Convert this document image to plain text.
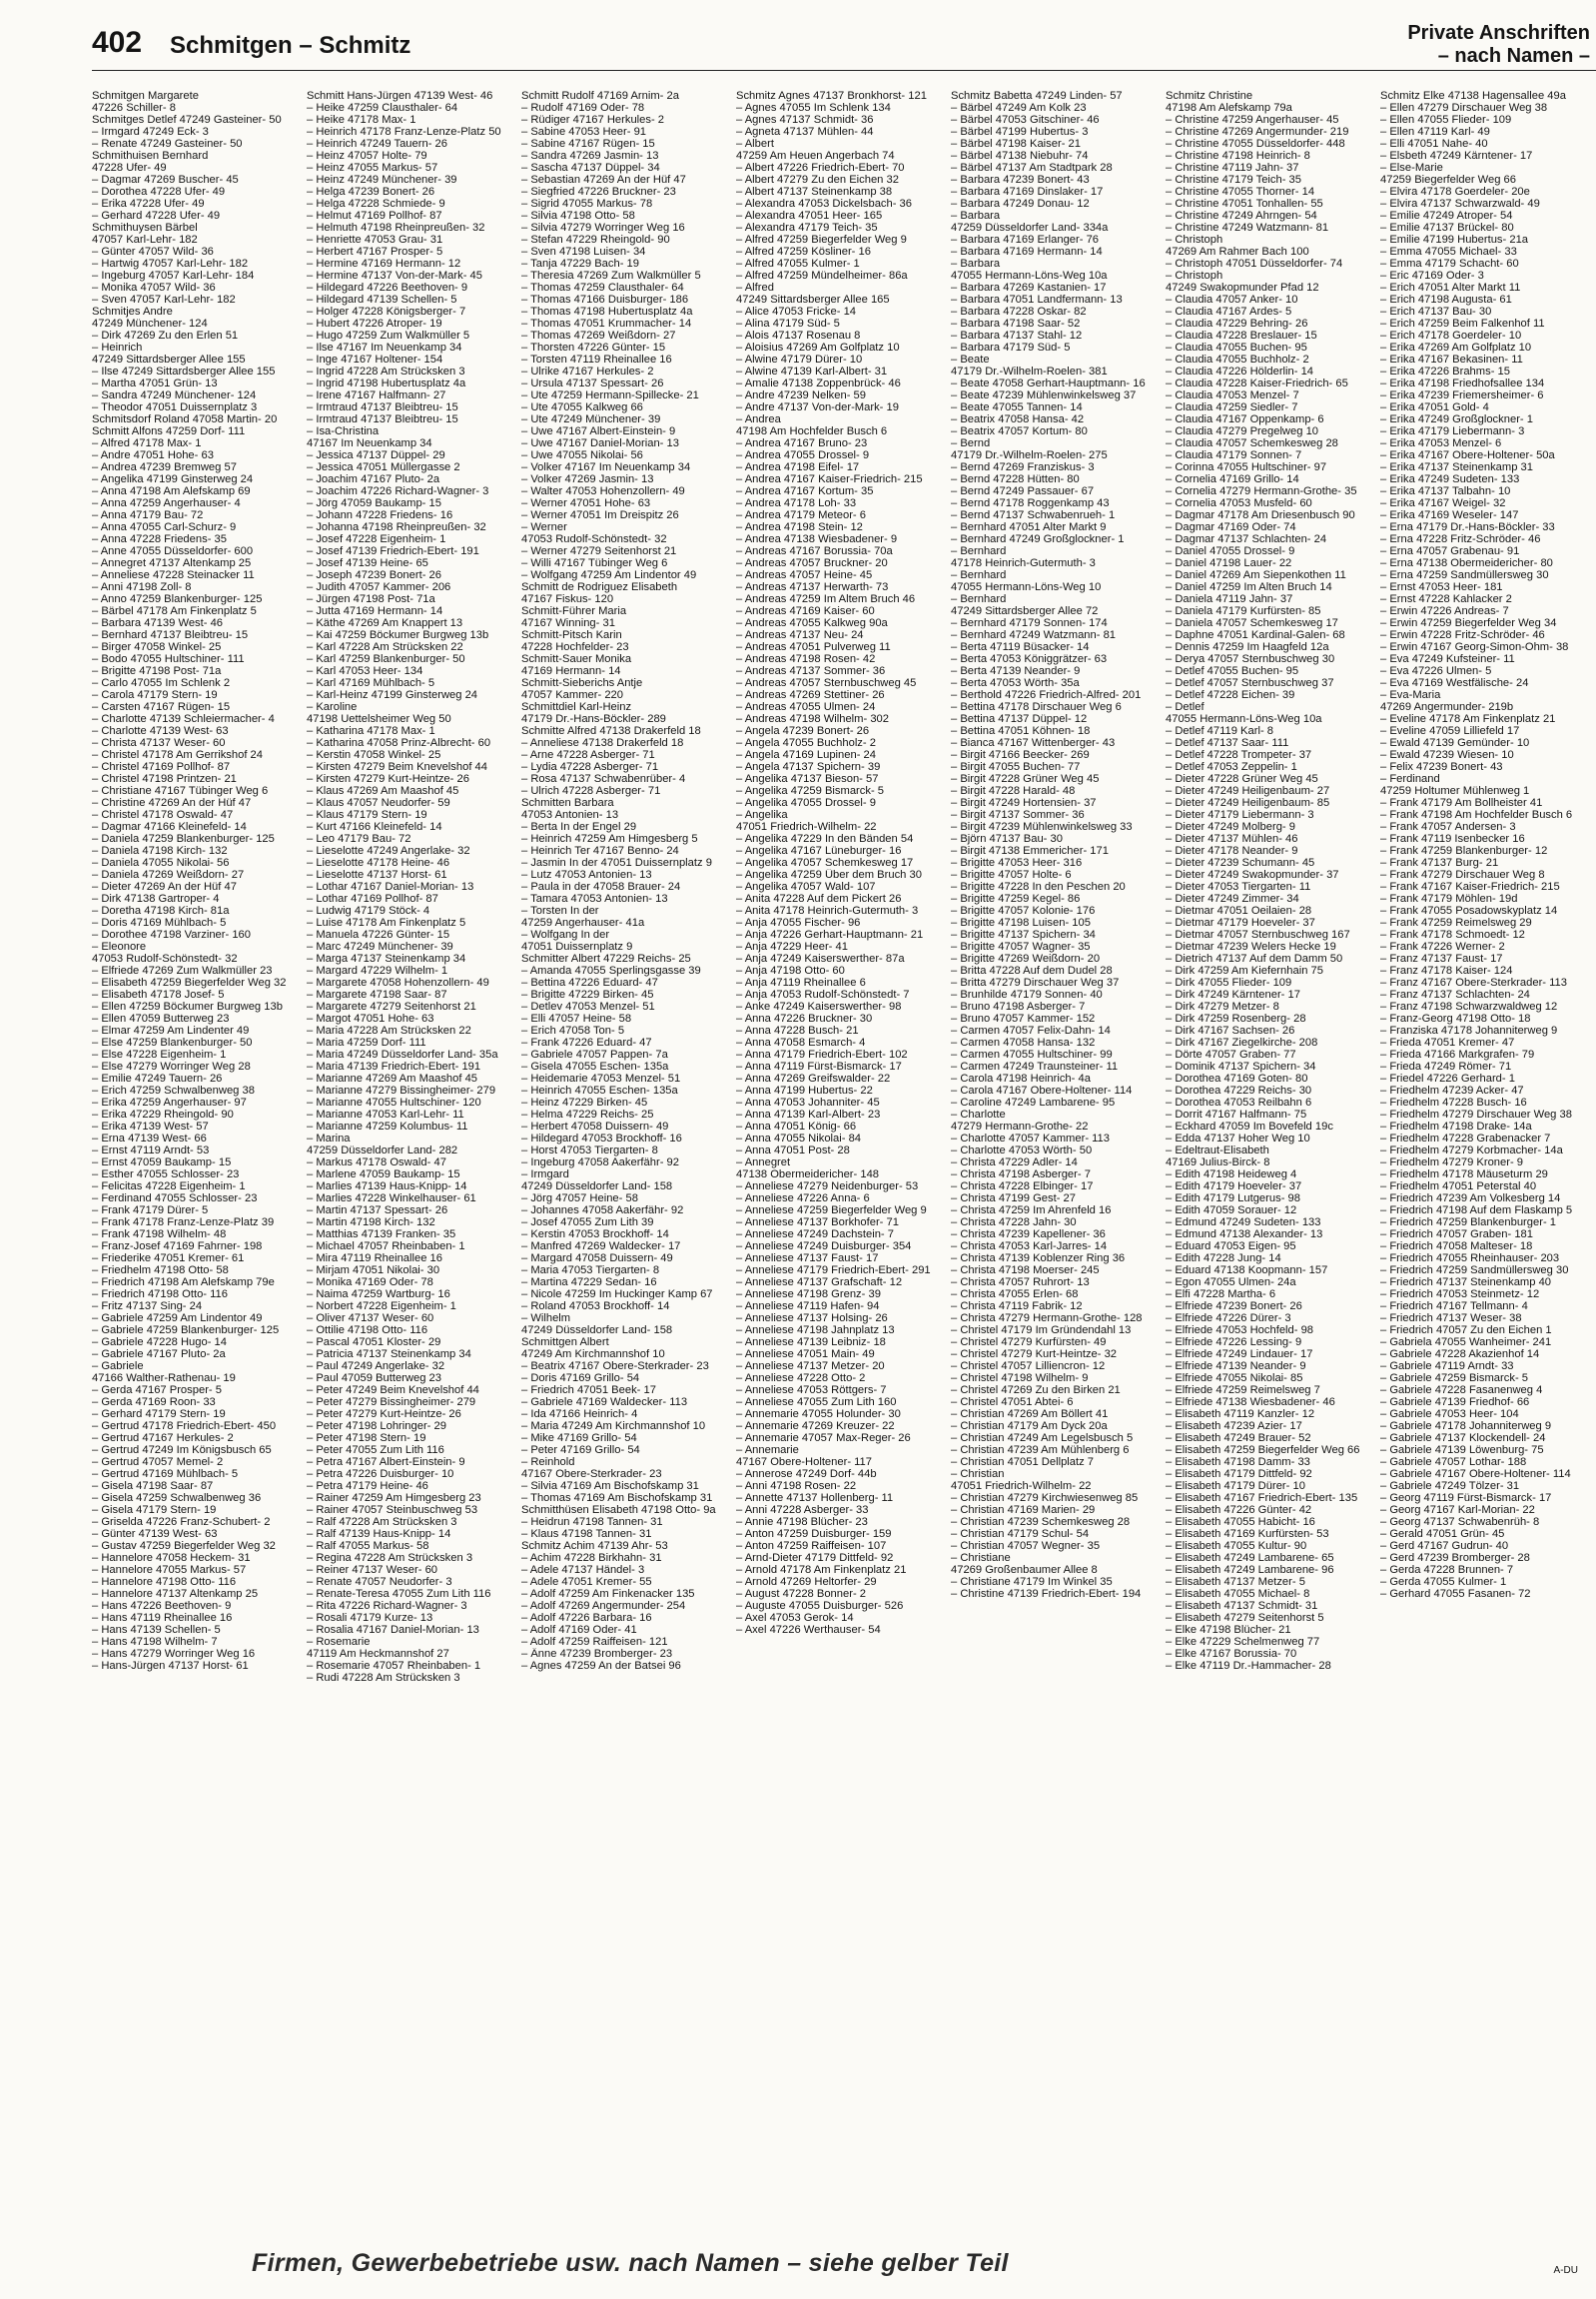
402 Schmitgen – Schmitz	Private Anschriften
– nach Namen –
Schmitgen Margarete
47226 Schiller- 8
Schmitges Detlef 47249 Gasteiner- 50
– Irmgard 47249 Eck- 3
– Renate 47249 Gasteiner- 50
Schmithuisen Bernhard
47228 Ufer- 49
– Dagmar 47269 Buscher- 45
– Dorothea 47228 Ufer- 49
– Erika 47228 Ufer- 49
– Gerhard 47228 Ufer- 49
Schmithuysen Bärbel
47057 Karl-Lehr- 182
– Günter 47057 Wild- 36
– Hartwig 47057 Karl-Lehr- 182
– Ingeburg 47057 Karl-Lehr- 184
– Monika 47057 Wild- 36
– Sven 47057 Karl-Lehr- 182
Schmitjes Andre
47249 Münchener- 124
– Dirk 47269 Zu den Erlen 51
– Heinrich
47249 Sittardsberger Allee 155
– Ilse 47249 Sittardsberger Allee 155
– Martha 47051 Grün- 13
– Sandra 47249 Münchener- 124
– Theodor 47051 Duissernplatz 3
Schmitsdorf Roland 47058 Martin- 20
Schmitt Alfons 47259 Dorf- 111
– Alfred 47178 Max- 1
– Andre 47051 Hohe- 63
– Andrea 47239 Bremweg 57
– Angelika 47199 Ginsterweg 24
– Anna 47198 Am Alefskamp 69
– Anna 47259 Angerhauser- 4
– Anna 47179 Bau- 72
– Anna 47055 Carl-Schurz- 9
– Anna 47228 Friedens- 35
– Anne 47055 Düsseldorfer- 600
– Annegret 47137 Altenkamp 25
– Anneliese 47228 Steinacker 11
– Anni 47198 Zoll- 8
– Anno 47259 Blankenburger- 125
– Bärbel 47178 Am Finkenplatz 5
– Barbara 47139 West- 46
– Bernhard 47137 Bleibtreu- 15
– Birger 47058 Winkel- 25
– Bodo 47055 Hultschiner- 111
– Brigitte 47198 Post- 71a
– Carlo 47055 Im Schlenk 2
– Carola 47179 Stern- 19
– Carsten 47167 Rügen- 15
– Charlotte 47139 Schleiermacher- 4
– Charlotte 47139 West- 63
– Christa 47137 Weser- 60
– Christel 47178 Am Gerrikshof 24
– Christel 47169 Pollhof- 87
– Christel 47198 Printzen- 21
– Christiane 47167 Tübinger Weg 6
– Christine 47269 An der Hüf 47
– Christel 47178 Oswald- 47
– Dagmar 47166 Kleinefeld- 14
– Daniela 47259 Blankenburger- 125
– Daniela 47198 Kirch- 132
– Daniela 47055 Nikolai- 56
– Daniela 47269 Weißdorn- 27
– Dieter 47269 An der Hüf 47
– Dirk 47138 Gartroper- 4
– Doretha 47198 Kirch- 81a
– Doris 47169 Mühlbach- 5
– Dorothee 47198 Varziner- 160
– Eleonore
47053 Rudolf-Schönstedt- 32
– Elfriede 47269 Zum Walkmüller 23
– Elisabeth 47259 Biegerfelder Weg 32
– Elisabeth 47178 Josef- 5
– Ellen 47259 Böckumer Burgweg 13b
– Ellen 47059 Butterweg 23
– Elmar 47259 Am Lindenter 49
– Else 47259 Blankenburger- 50
– Else 47228 Eigenheim- 1
– Else 47279 Worringer Weg 28
– Emilie 47249 Tauern- 26
– Erich 47259 Schwalbenweg 38
– Erika 47259 Angerhauser- 97
– Erika 47229 Rheingold- 90
– Erika 47139 West- 57
– Erna 47139 West- 66
– Ernst 47119 Arndt- 53
– Ernst 47059 Baukamp- 15
– Esther 47055 Schlosser- 23
– Felicitas 47228 Eigenheim- 1
– Ferdinand 47055 Schlosser- 23
– Frank 47179 Dürer- 5
– Frank 47178 Franz-Lenze-Platz 39
– Frank 47198 Wilhelm- 48
– Franz-Josef 47169 Fahrner- 198
– Friederike 47051 Kremer- 61
– Friedhelm 47198 Otto- 58
– Friedrich 47198 Am Alefskamp 79e
– Friedrich 47198 Otto- 116
– Fritz 47137 Sing- 24
– Gabriele 47259 Am Lindentor 49
– Gabriele 47259 Blankenburger- 125
– Gabriele 47228 Hugo- 14
– Gabriele 47167 Pluto- 2a
– Gabriele
47166 Walther-Rathenau- 19
– Gerda 47167 Prosper- 5
– Gerda 47169 Roon- 33
– Gerhard 47179 Stern- 19
– Gertrud 47178 Friedrich-Ebert- 450
– Gertrud 47167 Herkules- 2
– Gertrud 47249 Im Königsbusch 65
– Gertrud 47057 Memel- 2
– Gertrud 47169 Mühlbach- 5
– Gisela 47198 Saar- 87
– Gisela 47259 Schwalbenweg 36
– Gisela 47179 Stern- 19
– Griselda 47226 Franz-Schubert- 2
– Günter 47139 West- 63
– Gustav 47259 Biegerfelder Weg 32
– Hannelore 47058 Heckem- 31
– Hannelore 47055 Markus- 57
– Hannelore 47198 Otto- 116
– Hannelore 47137 Altenkamp 25
– Hans 47226 Beethoven- 9
– Hans 47119 Rheinallee 16
– Hans 47139 Schellen- 5
– Hans 47198 Wilhelm- 7
– Hans 47279 Worringer Weg 16
– Hans-Jürgen 47137 Horst- 61
Schmitt Hans-Jürgen 47139 West- 46
– Heike 47259 Clausthaler- 64
– Heike 47178 Max- 1
– Heinrich 47178 Franz-Lenze-Platz 50
– Heinrich 47249 Tauern- 26
– Heinz 47057 Holte- 79
– Heinz 47055 Markus- 57
– Heinz 47249 Münchener- 39
– Helga 47239 Bonert- 26
– Helga 47228 Schmiede- 9
– Helmut 47169 Pollhof- 87
– Helmuth 47198 Rheinpreußen- 32
– Henriette 47053 Grau- 31
– Herbert 47167 Prosper- 5
– Hermine 47169 Hermann- 12
– Hermine 47137 Von-der-Mark- 45
– Hildegard 47226 Beethoven- 9
– Hildegard 47139 Schellen- 5
– Holger 47228 Königsberger- 7
– Hubert 47226 Atroper- 19
– Hugo 47259 Zum Walkmüller 5
– Ilse 47167 Im Neuenkamp 34
– Inge 47167 Holtener- 154
– Ingrid 47228 Am Strücksken 3
– Ingrid 47198 Hubertusplatz 4a
– Irene 47167 Halfmann- 27
– Irmtraud 47137 Bleibtreu- 15
– Irmtraud 47137 Bleibtreu- 15
– Isa-Christina
47167 Im Neuenkamp 34
– Jessica 47137 Düppel- 29
– Jessica 47051 Müllergasse 2
– Joachim 47167 Pluto- 2a
– Joachim 47226 Richard-Wagner- 3
– Jörg 47059 Baukamp- 15
– Johann 47228 Friedens- 16
– Johanna 47198 Rheinpreußen- 32
– Josef 47228 Eigenheim- 1
– Josef 47139 Friedrich-Ebert- 191
– Josef 47139 Heine- 65
– Joseph 47239 Bonert- 26
– Judith 47057 Kammer- 206
– Jürgen 47198 Post- 71a
– Jutta 47169 Hermann- 14
– Käthe 47269 Am Knappert 13
– Kai 47259 Böckumer Burgweg 13b
– Karl 47228 Am Strücksken 22
– Karl 47259 Blankenburger- 50
– Karl 47053 Heer- 134
– Karl 47169 Mühlbach- 5
– Karl-Heinz 47199 Ginsterweg 24
– Karoline
47198 Uettelsheimer Weg 50
– Katharina 47178 Max- 1
– Katharina 47058 Prinz-Albrecht- 60
– Kerstin 47058 Winkel- 25
– Kirsten 47279 Beim Knevelshof 44
– Kirsten 47279 Kurt-Heintze- 26
– Klaus 47269 Am Maashof 45
– Klaus 47057 Neudorfer- 59
– Klaus 47179 Stern- 19
– Kurt 47166 Kleinefeld- 14
– Leo 47179 Bau- 72
– Lieselotte 47249 Angerlake- 32
– Lieselotte 47178 Heine- 46
– Lieselotte 47137 Horst- 61
– Lothar 47167 Daniel-Morian- 13
– Lothar 47169 Pollhof- 87
– Ludwig 47179 Stöck- 4
– Luise 47178 Am Finkenplatz 5
– Manuela 47226 Günter- 15
– Marc 47249 Münchener- 39
– Marga 47137 Steinenkamp 34
– Margard 47229 Wilhelm- 1
– Margarete 47058 Hohenzollern- 49
– Margarete 47198 Saar- 87
– Margarete 47279 Seitenhorst 21
– Margot 47051 Hohe- 63
– Maria 47228 Am Strücksken 22
– Maria 47259 Dorf- 111
– Maria 47249 Düsseldorfer Land- 35a
– Maria 47139 Friedrich-Ebert- 191
– Marianne 47269 Am Maashof 45
– Marianne 47279 Bissingheimer- 279
– Marianne 47055 Hultschiner- 120
– Marianne 47053 Karl-Lehr- 11
– Marianne 47259 Kolumbus- 11
– Marina
47259 Düsseldorfer Land- 282
– Markus 47178 Oswald- 47
– Marlene 47059 Baukamp- 15
– Marlies 47139 Haus-Knipp- 14
– Marlies 47228 Winkelhauser- 61
– Martin 47137 Spessart- 26
– Martin 47198 Kirch- 132
– Matthias 47139 Franken- 35
– Michael 47057 Rheinbaben- 1
– Mira 47119 Rheinallee 16
– Mirjam 47051 Nikolai- 30
– Monika 47169 Oder- 78
– Naima 47259 Wartburg- 16
– Norbert 47228 Eigenheim- 1
– Oliver 47137 Weser- 60
– Ottilie 47198 Otto- 116
– Pascal 47051 Kloster- 29
– Patricia 47137 Steinenkamp 34
– Paul 47249 Angerlake- 32
– Paul 47059 Butterweg 23
– Peter 47249 Beim Knevelshof 44
– Peter 47279 Bissingheimer- 279
– Peter 47279 Kurt-Heintze- 26
– Peter 47198 Lohringer- 29
– Peter 47198 Stern- 19
– Peter 47055 Zum Lith 116
– Petra 47167 Albert-Einstein- 9
– Petra 47226 Duisburger- 10
– Petra 47179 Heine- 46
– Rainer 47259 Am Himgesberg 23
– Rainer 47057 Steinbuschweg 53
– Ralf 47228 Am Strücksken 3
– Ralf 47139 Haus-Knipp- 14
– Ralf 47055 Markus- 58
– Regina 47228 Am Strücksken 3
– Reiner 47137 Weser- 60
– Renate 47057 Neudorfer- 3
– Renate-Teresa 47055 Zum Lith 116
– Rita 47226 Richard-Wagner- 3
– Rosali 47179 Kurze- 13
– Rosalia 47167 Daniel-Morian- 13
– Rosemarie
47119 Am Heckmannshof 27
– Rosemarie 47057 Rheinbaben- 1
– Rudi 47228 Am Strücksken 3
Schmitt Rudolf 47169 Arnim- 2a
– Rudolf 47169 Oder- 78
– Rüdiger 47167 Herkules- 2
– Sabine 47053 Heer- 91
– Sabine 47167 Rügen- 15
– Sandra 47269 Jasmin- 13
– Sascha 47137 Düppel- 34
– Sebastian 47269 An der Hüf 47
– Siegfried 47226 Bruckner- 23
– Sigrid 47055 Markus- 78
– Silvia 47198 Otto- 58
– Silvia 47279 Worringer Weg 16
– Stefan 47229 Rheingold- 90
– Sven 47198 Luisen- 34
– Tanja 47229 Bach- 19
– Theresia 47269 Zum Walkmüller 5
– Thomas 47259 Clausthaler- 64
– Thomas 47166 Duisburger- 186
– Thomas 47198 Hubertusplatz 4a
– Thomas 47051 Krummacher- 14
– Thomas 47269 Weißdorn- 27
– Thorsten 47226 Günter- 15
– Torsten 47119 Rheinallee 16
– Ulrike 47167 Herkules- 2
– Ursula 47137 Spessart- 26
– Ute 47259 Hermann-Spillecke- 21
– Ute 47055 Kalkweg 66
– Ute 47249 Münchener- 39
– Uwe 47167 Albert-Einstein- 9
– Uwe 47167 Daniel-Morian- 13
– Uwe 47055 Nikolai- 56
– Volker 47167 Im Neuenkamp 34
– Volker 47269 Jasmin- 13
– Walter 47053 Hohenzollern- 49
– Werner 47051 Hohe- 63
– Werner 47051 Im Dreispitz 26
– Werner
47053 Rudolf-Schönstedt- 32
– Werner 47279 Seitenhorst 21
– Willi 47167 Tübinger Weg 6
– Wolfgang 47259 Am Lindentor 49
Schmitt de Rodriguez Elisabeth
47167 Fiskus- 120
Schmitt-Führer Maria
47167 Winning- 31
Schmitt-Pitsch Karin
47228 Hochfelder- 23
Schmitt-Sauer Monika
47169 Hermann- 14
Schmitt-Sieberichs Antje
47057 Kammer- 220
Schmittdiel Karl-Heinz
47179 Dr.-Hans-Böckler- 289
Schmitte Alfred 47138 Drakerfeld 18
– Anneliese 47138 Drakerfeld 18
– Arne 47228 Asberger- 71
– Lydia 47228 Asberger- 71
– Rosa 47137 Schwabenrüber- 4
– Ulrich 47228 Asberger- 71
Schmitten Barbara
47053 Antonien- 13
– Berta In der Engel 29
– Heinrich 47259 Am Himgesberg 5
– Heinrich Ter 47167 Benno- 24
– Jasmin In der 47051 Duissernplatz 9
– Lutz 47053 Antonien- 13
– Paula in der 47058 Brauer- 24
– Tamara 47053 Antonien- 13
– Torsten In der
47259 Angerhauser- 41a
– Wolfgang In der
47051 Duissernplatz 9
Schmitter Albert 47229 Reichs- 25
– Amanda 47055 Sperlingsgasse 39
– Bettina 47226 Eduard- 47
– Brigitte 47229 Birken- 45
– Detlev 47053 Menzel- 51
– Elli 47057 Heine- 58
– Erich 47058 Ton- 5
– Frank 47226 Eduard- 47
– Gabriele 47057 Pappen- 7a
– Gisela 47055 Eschen- 135a
– Heidemarie 47053 Menzel- 51
– Heinrich 47055 Eschen- 135a
– Heinz 47229 Birken- 45
– Helma 47229 Reichs- 25
– Herbert 47058 Duissern- 49
– Hildegard 47053 Brockhoff- 16
– Horst 47053 Tiergarten- 8
– Ingeburg 47058 Aakerfähr- 92
– Irmgard
47249 Düsseldorfer Land- 158
– Jörg 47057 Heine- 58
– Johannes 47058 Aakerfähr- 92
– Josef 47055 Zum Lith 39
– Kerstin 47053 Brockhoff- 14
– Manfred 47269 Waldecker- 17
– Margard 47058 Duissern- 49
– Maria 47053 Tiergarten- 8
– Martina 47229 Sedan- 16
– Nicole 47259 Im Huckinger Kamp 67
– Roland 47053 Brockhoff- 14
– Wilhelm
47249 Düsseldorfer Land- 158
Schmittgen Albert
47249 Am Kirchmannshof 10
– Beatrix 47167 Obere-Sterkrader- 23
– Doris 47169 Grillo- 54
– Friedrich 47051 Beek- 17
– Gabriele 47169 Waldecker- 113
– Ida 47166 Heinrich- 4
– Maria 47249 Am Kirchmannshof 10
– Mike 47169 Grillo- 54
– Peter 47169 Grillo- 54
– Reinhold
47167 Obere-Sterkrader- 23
– Silvia 47169 Am Bischofskamp 31
– Thomas 47169 Am Bischofskamp 31
Schmitthüsen Elisabeth 47198 Otto- 9a
– Heidrun 47198 Tannen- 31
– Klaus 47198 Tannen- 31
Schmitz Achim 47139 Ahr- 53
– Achim 47228 Birkhahn- 31
– Adele 47137 Händel- 3
– Adele 47051 Kremer- 55
– Adolf 47259 Am Finkenacker 135
– Adolf 47269 Angermunder- 254
– Adolf 47226 Barbara- 16
– Adolf 47169 Oder- 41
– Adolf 47259 Raiffeisen- 121
– Änne 47239 Bromberger- 23
– Agnes 47259 An der Batsei 96
Schmitz Agnes 47137 Bronkhorst- 121
– Agnes 47055 Im Schlenk 134
– Agnes 47137 Schmidt- 36
– Agneta 47137 Mühlen- 44
– Albert
47259 Am Heuen Angerbach 74
– Albert 47226 Friedrich-Ebert- 70
– Albert 47279 Zu den Eichen 32
– Albert 47137 Steinenkamp 38
– Alexandra 47053 Dickelsbach- 36
– Alexandra 47051 Heer- 165
– Alexandra 47179 Teich- 35
– Alfred 47259 Biegerfelder Weg 9
– Alfred 47259 Kösliner- 16
– Alfred 47055 Kulmer- 1
– Alfred 47259 Mündelheimer- 86a
– Alfred
47249 Sittardsberger Allee 165
– Alice 47053 Fricke- 14
– Alina 47179 Süd- 5
– Alois 47137 Rosenau 8
– Aloisius 47269 Am Golfplatz 10
– Alwine 47179 Dürer- 10
– Alwine 47139 Karl-Albert- 31
– Amalie 47138 Zoppenbrück- 46
– Andre 47239 Nelken- 59
– Andre 47137 Von-der-Mark- 19
– Andrea
47198 Am Hochfelder Busch 6
– Andrea 47167 Bruno- 23
– Andrea 47055 Drossel- 9
– Andrea 47198 Eifel- 17
– Andrea 47167 Kaiser-Friedrich- 215
– Andrea 47167 Kortum- 35
– Andrea 47178 Loh- 33
– Andrea 47179 Meteor- 6
– Andrea 47198 Stein- 12
– Andrea 47138 Wiesbadener- 9
– Andreas 47167 Borussia- 70a
– Andreas 47057 Bruckner- 20
– Andreas 47057 Heine- 45
– Andreas 47137 Herwarth- 73
– Andreas 47259 Im Altem Bruch 46
– Andreas 47169 Kaiser- 60
– Andreas 47055 Kalkweg 90a
– Andreas 47137 Neu- 24
– Andreas 47051 Pulverweg 11
– Andreas 47198 Rosen- 42
– Andreas 47137 Sommer- 36
– Andreas 47057 Sternbuschweg 45
– Andreas 47269 Stettiner- 26
– Andreas 47055 Ulmen- 24
– Andreas 47198 Wilhelm- 302
– Angela 47239 Bonert- 26
– Angela 47055 Buchholz- 2
– Angela 47169 Lupinen- 24
– Angela 47137 Spichern- 39
– Angelika 47137 Bieson- 57
– Angelika 47259 Bismarck- 5
– Angelika 47055 Drossel- 9
– Angelika
47051 Friedrich-Wilhelm- 22
– Angelika 47229 In den Bänden 54
– Angelika 47167 Lüneburger- 16
– Angelika 47057 Schemkesweg 17
– Angelika 47259 Über dem Bruch 30
– Angelika 47057 Wald- 107
– Anita 47228 Auf dem Pickert 26
– Anita 47178 Heinrich-Gutermuth- 3
– Anja 47055 Fischer- 96
– Anja 47226 Gerhart-Hauptmann- 21
– Anja 47229 Heer- 41
– Anja 47249 Kaiserswerther- 87a
– Anja 47198 Otto- 60
– Anja 47119 Rheinallee 6
– Anja 47053 Rudolf-Schönstedt- 7
– Anke 47249 Kaiserswerther- 98
– Anna 47226 Bruckner- 30
– Anna 47228 Busch- 21
– Anna 47058 Esmarch- 4
– Anna 47179 Friedrich-Ebert- 102
– Anna 47119 Fürst-Bismarck- 17
– Anna 47269 Greifswalder- 22
– Anna 47199 Hubertus- 22
– Anna 47053 Johanniter- 45
– Anna 47139 Karl-Albert- 23
– Anna 47051 König- 66
– Anna 47055 Nikolai- 84
– Anna 47051 Post- 28
– Annegret
47138 Obermeidericher- 148
– Anneliese 47279 Neidenburger- 53
– Anneliese 47226 Anna- 6
– Anneliese 47259 Biegerfelder Weg 9
– Anneliese 47137 Borkhofer- 71
– Anneliese 47249 Dachstein- 7
– Anneliese 47249 Duisburger- 354
– Anneliese 47137 Faust- 17
– Anneliese 47179 Friedrich-Ebert- 291
– Anneliese 47137 Grafschaft- 12
– Anneliese 47198 Grenz- 39
– Anneliese 47119 Hafen- 94
– Anneliese 47137 Holsing- 26
– Anneliese 47198 Jahnplatz 13
– Anneliese 47139 Leibniz- 18
– Anneliese 47051 Main- 49
– Anneliese 47137 Metzer- 20
– Anneliese 47228 Otto- 2
– Anneliese 47053 Röttgers- 7
– Anneliese 47055 Zum Lith 160
– Annemarie 47055 Holunder- 30
– Annemarie 47269 Kreuzer- 22
– Annemarie 47057 Max-Reger- 26
– Annemarie
47167 Obere-Holtener- 117
– Annerose 47249 Dorf- 44b
– Anni 47198 Rosen- 22
– Annette 47137 Hollenberg- 11
– Anni 47228 Asberger- 33
– Annie 47198 Blücher- 23
– Anton 47259 Duisburger- 159
– Anton 47259 Raiffeisen- 107
– Arnd-Dieter 47179 Dittfeld- 92
– Arnold 47178 Am Finkenplatz 21
– Arnold 47269 Heltorfer- 29
– August 47228 Bonner- 2
– Auguste 47055 Duisburger- 526
– Axel 47053 Gerok- 14
– Axel 47226 Werthauser- 54
Schmitz Babetta 47249 Linden- 57
– Bärbel 47249 Am Kolk 23
– Bärbel 47053 Gitschiner- 46
– Bärbel 47199 Hubertus- 3
– Bärbel 47198 Kaiser- 21
– Bärbel 47138 Niebuhr- 74
– Bärbel 47137 Am Stadtpark 28
– Barbara 47239 Bonert- 43
– Barbara 47169 Dinslaker- 17
– Barbara 47249 Donau- 12
– Barbara
47259 Düsseldorfer Land- 334a
– Barbara 47169 Erlanger- 76
– Barbara 47169 Hermann- 14
– Barbara
47055 Hermann-Löns-Weg 10a
– Barbara 47269 Kastanien- 17
– Barbara 47051 Landfermann- 13
– Barbara 47228 Oskar- 82
– Barbara 47198 Saar- 52
– Barbara 47137 Stahl- 12
– Barbara 47179 Süd- 5
– Beate
47179 Dr.-Wilhelm-Roelen- 381
– Beate 47058 Gerhart-Hauptmann- 16
– Beate 47239 Mühlenwinkelsweg 37
– Beate 47055 Tannen- 14
– Beatrix 47058 Hansa- 42
– Beatrix 47057 Kortum- 80
– Bernd
47179 Dr.-Wilhelm-Roelen- 275
– Bernd 47269 Franziskus- 3
– Bernd 47228 Hütten- 80
– Bernd 47249 Passauer- 67
– Bernd 47178 Roggenkamp 43
– Bernd 47137 Schwabenrueh- 1
– Bernhard 47051 Alter Markt 9
– Bernhard 47249 Großglockner- 1
– Bernhard
47178 Heinrich-Gutermuth- 3
– Bernhard
47055 Hermann-Löns-Weg 10
– Bernhard
47249 Sittardsberger Allee 72
– Bernhard 47179 Sonnen- 174
– Bernhard 47249 Watzmann- 81
– Berta 47119 Büsacker- 14
– Berta 47053 Königgrätzer- 63
– Berta 47139 Neander- 9
– Berta 47053 Wörth- 35a
– Berthold 47226 Friedrich-Alfred- 201
– Bettina 47178 Dirschauer Weg 6
– Bettina 47137 Düppel- 12
– Bettina 47051 Köhnen- 18
– Bianca 47167 Wittenberger- 43
– Birgit 47166 Beecker- 269
– Birgit 47055 Buchen- 77
– Birgit 47228 Grüner Weg 45
– Birgit 47228 Harald- 48
– Birgit 47249 Hortensien- 37
– Birgit 47137 Sommer- 36
– Birgit 47239 Mühlenwinkelsweg 33
– Björn 47137 Bau- 30
– Birgit 47138 Emmericher- 171
– Brigitte 47053 Heer- 316
– Brigitte 47057 Holte- 6
– Brigitte 47228 In den Peschen 20
– Brigitte 47259 Kegel- 86
– Brigitte 47057 Kolonie- 176
– Brigitte 47198 Luisen- 105
– Brigitte 47137 Spichern- 34
– Brigitte 47057 Wagner- 35
– Brigitte 47269 Weißdorn- 20
– Britta 47228 Auf dem Dudel 28
– Britta 47279 Dirschauer Weg 37
– Brunhilde 47179 Sonnen- 40
– Bruno 47198 Asberger- 7
– Bruno 47057 Kammer- 152
– Carmen 47057 Felix-Dahn- 14
– Carmen 47058 Hansa- 132
– Carmen 47055 Hultschiner- 99
– Carmen 47249 Traunsteiner- 11
– Carola 47198 Heinrich- 4a
– Carola 47167 Obere-Holtener- 114
– Caroline 47249 Lambarene- 95
– Charlotte
47279 Hermann-Grothe- 22
– Charlotte 47057 Kammer- 113
– Charlotte 47053 Wörth- 50
– Christa 47229 Adler- 14
– Christa 47198 Asberger- 7
– Christa 47228 Elbinger- 17
– Christa 47199 Gest- 27
– Christa 47259 Im Ahrenfeld 16
– Christa 47228 Jahn- 30
– Christa 47239 Kapellener- 36
– Christa 47053 Karl-Jarres- 14
– Christa 47139 Koblenzer Ring 36
– Christa 47198 Moerser- 245
– Christa 47057 Ruhrort- 13
– Christa 47055 Erlen- 68
– Christa 47119 Fabrik- 12
– Christa 47279 Hermann-Grothe- 128
– Christel 47179 Im Gründendahl 13
– Christel 47279 Kurfürsten- 49
– Christel 47279 Kurt-Heintze- 32
– Christel 47057 Lilliencron- 12
– Christel 47198 Wilhelm- 9
– Christel 47269 Zu den Birken 21
– Christel 47051 Abtei- 6
– Christian 47269 Am Böllert 41
– Christian 47179 Am Dyck 20a
– Christian 47249 Am Legelsbusch 5
– Christian 47239 Am Mühlenberg 6
– Christian 47051 Dellplatz 7
– Christian
47051 Friedrich-Wilhelm- 22
– Christian 47279 Kirchwiesenweg 85
– Christian 47169 Marien- 29
– Christian 47239 Schemkesweg 28
– Christian 47179 Schul- 54
– Christian 47057 Wegner- 35
– Christiane
47269 Großenbaumer Allee 8
– Christiane 47179 Im Winkel 35
– Christine 47139 Friedrich-Ebert- 194
Schmitz Christine
47198 Am Alefskamp 79a
– Christine 47259 Angerhauser- 45
– Christine 47269 Angermunder- 219
– Christine 47055 Düsseldorfer- 448
– Christine 47198 Heinrich- 8
– Christine 47119 Jahn- 37
– Christine 47179 Teich- 35
– Christine 47055 Thorner- 14
– Christine 47051 Tonhallen- 55
– Christine 47249 Ahrngen- 54
– Christine 47249 Watzmann- 81
– Christoph
47269 Am Rahmer Bach 100
– Christoph 47051 Düsseldorfer- 74
– Christoph
47249 Swakopmunder Pfad 12
– Claudia 47057 Anker- 10
– Claudia 47167 Ardes- 5
– Claudia 47229 Behring- 26
– Claudia 47228 Breslauer- 15
– Claudia 47055 Buchen- 95
– Claudia 47055 Buchholz- 2
– Claudia 47226 Hölderlin- 14
– Claudia 47228 Kaiser-Friedrich- 65
– Claudia 47053 Menzel- 7
– Claudia 47259 Siedler- 7
– Claudia 47167 Oppenkamp- 6
– Claudia 47279 Pregelweg 10
– Claudia 47057 Schemkesweg 28
– Claudia 47179 Sonnen- 7
– Corinna 47055 Hultschiner- 97
– Cornelia 47169 Grillo- 14
– Cornelia 47279 Hermann-Grothe- 35
– Cornelia 47053 Musfeld- 60
– Dagmar 47178 Am Driesenbusch 90
– Dagmar 47169 Oder- 74
– Dagmar 47137 Schlachten- 24
– Daniel 47055 Drossel- 9
– Daniel 47198 Lauer- 22
– Daniel 47269 Am Siepenkothen 11
– Daniel 47259 Im Alten Bruch 14
– Daniela 47119 Jahn- 37
– Daniela 47179 Kurfürsten- 85
– Daniela 47057 Schemkesweg 17
– Daphne 47051 Kardinal-Galen- 68
– Dennis 47259 Im Haagfeld 12a
– Derya 47057 Sternbuschweg 30
– Detlef 47055 Buchen- 95
– Detlef 47057 Sternbuschweg 37
– Detlef 47228 Eichen- 39
– Detlef
47055 Hermann-Löns-Weg 10a
– Detlef 47119 Karl- 8
– Detlef 47137 Saar- 111
– Detlef 47228 Trompeter- 37
– Detlef 47053 Zeppelin- 1
– Dieter 47228 Grüner Weg 45
– Dieter 47249 Heiligenbaum- 27
– Dieter 47249 Heiligenbaum- 85
– Dieter 47179 Liebermann- 3
– Dieter 47249 Molberg- 9
– Dieter 47137 Mühlen- 46
– Dieter 47178 Neander- 9
– Dieter 47239 Schumann- 45
– Dieter 47249 Swakopmunder- 37
– Dieter 47053 Tiergarten- 11
– Dieter 47249 Zimmer- 34
– Dietmar 47051 Oeilaien- 28
– Dietmar 47179 Hoeveler- 37
– Dietmar 47057 Sternbuschweg 167
– Dietmar 47239 Welers Hecke 19
– Dietrich 47137 Auf dem Damm 50
– Dirk 47259 Am Kiefernhain 75
– Dirk 47055 Flieder- 109
– Dirk 47249 Kärntener- 17
– Dirk 47279 Metzer- 8
– Dirk 47259 Rosenberg- 28
– Dirk 47167 Sachsen- 26
– Dirk 47167 Ziegelkirche- 208
– Dörte 47057 Graben- 77
– Dominik 47137 Spichern- 34
– Dorothea 47169 Goten- 80
– Dorothea 47229 Reichs- 30
– Dorothea 47053 Reilbahn 6
– Dorrit 47167 Halfmann- 75
– Eckhard 47059 Im Bovefeld 19c
– Edda 47137 Hoher Weg 10
– Edeltraut-Elisabeth
47169 Julius-Birck- 8
– Edith 47198 Heideweg 4
– Edith 47179 Hoeveler- 37
– Edith 47179 Lutgerus- 98
– Edith 47059 Sorauer- 12
– Edmund 47249 Sudeten- 133
– Edmund 47138 Alexander- 13
– Eduard 47053 Eigen- 95
– Edith 47228 Jung- 14
– Eduard 47138 Koopmann- 157
– Egon 47055 Ulmen- 24a
– Elfi 47228 Martha- 6
– Elfriede 47239 Bonert- 26
– Elfriede 47226 Dürer- 3
– Elfriede 47053 Hochfeld- 98
– Elfriede 47226 Lessing- 9
– Elfriede 47249 Lindauer- 17
– Elfriede 47139 Neander- 9
– Elfriede 47055 Nikolai- 85
– Elfriede 47259 Reimelsweg 7
– Elfriede 47138 Wiesbadener- 46
– Elisabeth 47119 Kanzler- 12
– Elisabeth 47239 Azier- 17
– Elisabeth 47249 Brauer- 52
– Elisabeth 47259 Biegerfelder Weg 66
– Elisabeth 47198 Damm- 33
– Elisabeth 47179 Dittfeld- 92
– Elisabeth 47179 Dürer- 10
– Elisabeth 47167 Friedrich-Ebert- 135
– Elisabeth 47226 Günter- 42
– Elisabeth 47055 Habicht- 16
– Elisabeth 47169 Kurfürsten- 53
– Elisabeth 47055 Kultur- 90
– Elisabeth 47249 Lambarene- 65
– Elisabeth 47249 Lambarene- 96
– Elisabeth 47137 Metzer- 5
– Elisabeth 47055 Michael- 8
– Elisabeth 47137 Schmidt- 31
– Elisabeth 47279 Seitenhorst 5
– Elke 47198 Blücher- 21
– Elke 47229 Schelmenweg 77
– Elke 47167 Borussia- 70
– Elke 47119 Dr.-Hammacher- 28
Schmitz Elke 47138 Hagensallee 49a
– Ellen 47279 Dirschauer Weg 38
– Ellen 47055 Flieder- 109
– Ellen 47119 Karl- 49
– Elli 47051 Nahe- 40
– Elsbeth 47249 Kärntener- 17
– Else-Marie
47259 Biegerfelder Weg 66
– Elvira 47178 Goerdeler- 20e
– Elvira 47137 Schwarzwald- 49
– Emilie 47249 Atroper- 54
– Emilie 47137 Brückel- 80
– Emilie 47199 Hubertus- 21a
– Emma 47055 Michael- 33
– Emma 47179 Schacht- 60
– Eric 47169 Oder- 3
– Erich 47051 Alter Markt 11
– Erich 47198 Augusta- 61
– Erich 47137 Bau- 30
– Erich 47259 Beim Falkenhof 11
– Erich 47178 Goerdeler- 10
– Erika 47269 Am Golfplatz 10
– Erika 47167 Bekasinen- 11
– Erika 47226 Brahms- 15
– Erika 47198 Friedhofsallee 134
– Erika 47239 Friemersheimer- 6
– Erika 47051 Gold- 4
– Erika 47249 Großglockner- 1
– Erika 47179 Liebermann- 3
– Erika 47053 Menzel- 6
– Erika 47167 Obere-Holtener- 50a
– Erika 47137 Steinenkamp 31
– Erika 47249 Sudeten- 133
– Erika 47137 Talbahn- 10
– Erika 47167 Weigel- 32
– Erika 47169 Weseler- 147
– Erna 47179 Dr.-Hans-Böckler- 33
– Erna 47228 Fritz-Schröder- 46
– Erna 47057 Grabenau- 91
– Erna 47138 Obermeidericher- 80
– Erna 47259 Sandmüllersweg 30
– Ernst 47053 Heer- 181
– Ernst 47228 Kahlacker 2
– Erwin 47226 Andreas- 7
– Erwin 47259 Biegerfelder Weg 34
– Erwin 47228 Fritz-Schröder- 46
– Erwin 47167 Georg-Simon-Ohm- 38
– Eva 47249 Kufsteiner- 11
– Eva 47226 Ulmen- 5
– Eva 47169 Westfälische- 24
– Eva-Maria
47269 Angermunder- 219b
– Eveline 47178 Am Finkenplatz 21
– Eveline 47059 Lilliefeld 17
– Ewald 47139 Gemünder- 10
– Ewald 47239 Wiesen- 10
– Felix 47239 Bonert- 43
– Ferdinand
47259 Holtumer Mühlenweg 1
– Frank 47179 Am Bollheister 41
– Frank 47198 Am Hochfelder Busch 6
– Frank 47057 Andersen- 3
– Frank 47119 Isenbecker 16
– Frank 47259 Blankenburger- 12
– Frank 47137 Burg- 21
– Frank 47279 Dirschauer Weg 8
– Frank 47167 Kaiser-Friedrich- 215
– Frank 47179 Möhlen- 19d
– Frank 47055 Posadowskyplatz 14
– Frank 47259 Reimelsweg 29
– Frank 47178 Schmoedt- 12
– Frank 47226 Werner- 2
– Franz 47137 Faust- 17
– Franz 47178 Kaiser- 124
– Franz 47167 Obere-Sterkrader- 113
– Franz 47137 Schlachten- 24
– Franz 47198 Schwarzwaldweg 12
– Franz-Georg 47198 Otto- 18
– Franziska 47178 Johanniterweg 9
– Frieda 47051 Kremer- 47
– Frieda 47166 Markgrafen- 79
– Frieda 47249 Römer- 71
– Friedel 47226 Gerhard- 1
– Friedhelm 47239 Acker- 47
– Friedhelm 47228 Busch- 16
– Friedhelm 47279 Dirschauer Weg 38
– Friedhelm 47198 Drake- 14a
– Friedhelm 47228 Grabenacker 7
– Friedhelm 47279 Korbmacher- 14a
– Friedhelm 47279 Kroner- 9
– Friedhelm 47178 Mäuseturm 29
– Friedhelm 47051 Peterstal 40
– Friedrich 47239 Am Volkesberg 14
– Friedrich 47198 Auf dem Flaskamp 5
– Friedrich 47259 Blankenburger- 1
– Friedrich 47057 Graben- 181
– Friedrich 47058 Malteser- 18
– Friedrich 47055 Rheinhauser- 203
– Friedrich 47259 Sandmüllersweg 30
– Friedrich 47137 Steinenkamp 40
– Friedrich 47053 Steinmetz- 12
– Friedrich 47167 Tellmann- 4
– Friedrich 47137 Weser- 38
– Friedrich 47057 Zu den Eichen 1
– Gabriela 47055 Wanheimer- 241
– Gabriele 47228 Akazienhof 14
– Gabriele 47119 Arndt- 33
– Gabriele 47259 Bismarck- 5
– Gabriele 47228 Fasanenweg 4
– Gabriele 47139 Friedhof- 66
– Gabriele 47053 Heer- 104
– Gabriele 47178 Johanniterweg 9
– Gabriele 47137 Klockendell- 24
– Gabriele 47139 Löwenburg- 75
– Gabriele 47057 Lothar- 188
– Gabriele 47167 Obere-Holtener- 114
– Gabriele 47249 Tölzer- 31
– Georg 47119 Fürst-Bismarck- 17
– Georg 47167 Karl-Morian- 22
– Georg 47137 Schwabenrüh- 8
– Gerald 47051 Grün- 45
– Gerd 47167 Gudrun- 40
– Gerd 47239 Bromberger- 28
– Gerda 47228 Brunnen- 7
– Gerda 47055 Kulmer- 1
– Gerhard 47055 Fasanen- 72
Firmen, Gewerbebetriebe usw. nach Namen – siehe gelber Teil	A-DU
